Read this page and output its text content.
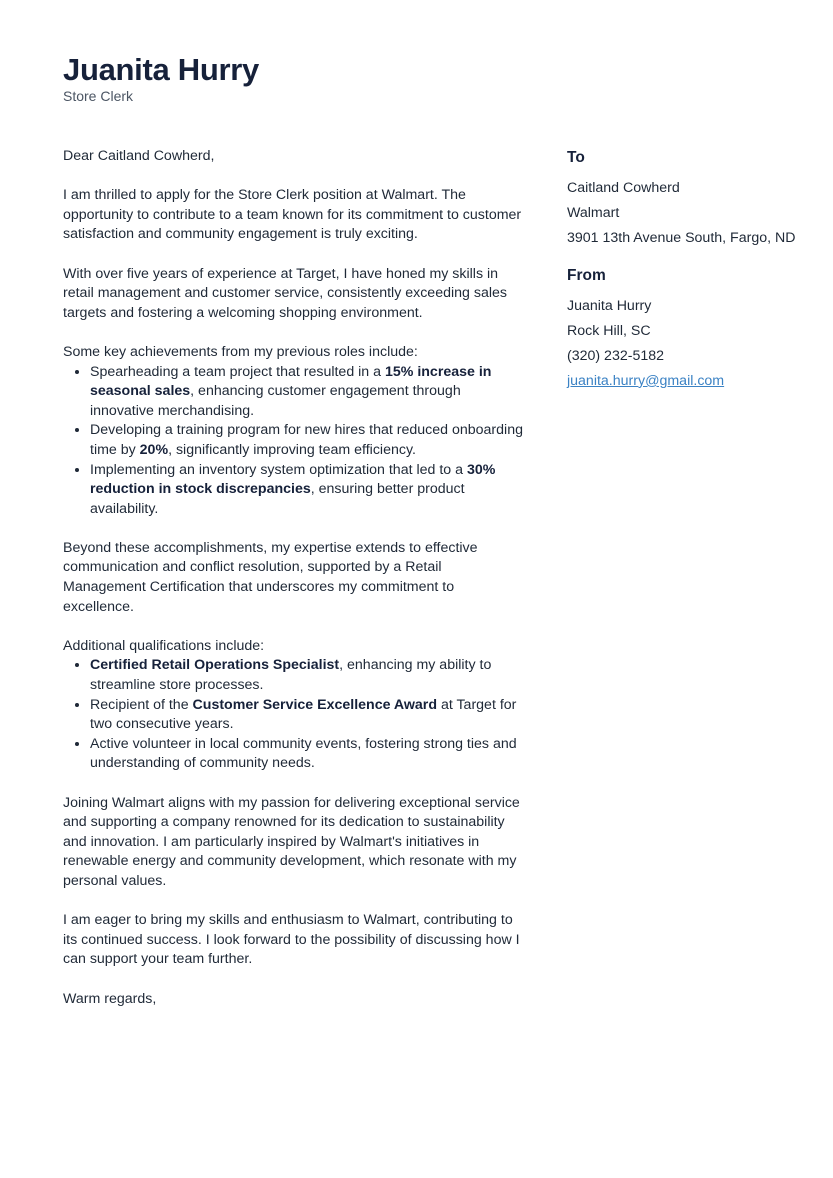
Juanita Hurry
Store Clerk

Dear Caitland Cowherd,

I am thrilled to apply for the Store Clerk position at Walmart. The opportunity to contribute to a team known for its commitment to customer satisfaction and community engagement is truly exciting.

With over five years of experience at Target, I have honed my skills in retail management and customer service, consistently exceeding sales targets and fostering a welcoming shopping environment.

Some key achievements from my previous roles include:

• Spearheading a team project that resulted in a 15% increase in seasonal sales, enhancing customer engagement through innovative merchandising.
• Developing a training program for new hires that reduced onboarding time by 20%, significantly improving team efficiency.
• Implementing an inventory system optimization that led to a 30% reduction in stock discrepancies, ensuring better product availability.

Beyond these accomplishments, my expertise extends to effective communication and conflict resolution, supported by a Retail Management Certification that underscores my commitment to excellence.

Additional qualifications include:

• Certified Retail Operations Specialist, enhancing my ability to streamline store processes.
• Recipient of the Customer Service Excellence Award at Target for two consecutive years.
• Active volunteer in local community events, fostering strong ties and understanding of community needs.

Joining Walmart aligns with my passion for delivering exceptional service and supporting a company renowned for its dedication to sustainability and innovation. I am particularly inspired by Walmart's initiatives in renewable energy and community development, which resonate with my personal values.

I am eager to bring my skills and enthusiasm to Walmart, contributing to its continued success. I look forward to the possibility of discussing how I can support your team further.

Warm regards,

To
Caitland Cowherd
Walmart
3901 13th Avenue South, Fargo, ND
From
Juanita Hurry
Rock Hill, SC
(320) 232-5182
juanita.hurry@gmail.com
